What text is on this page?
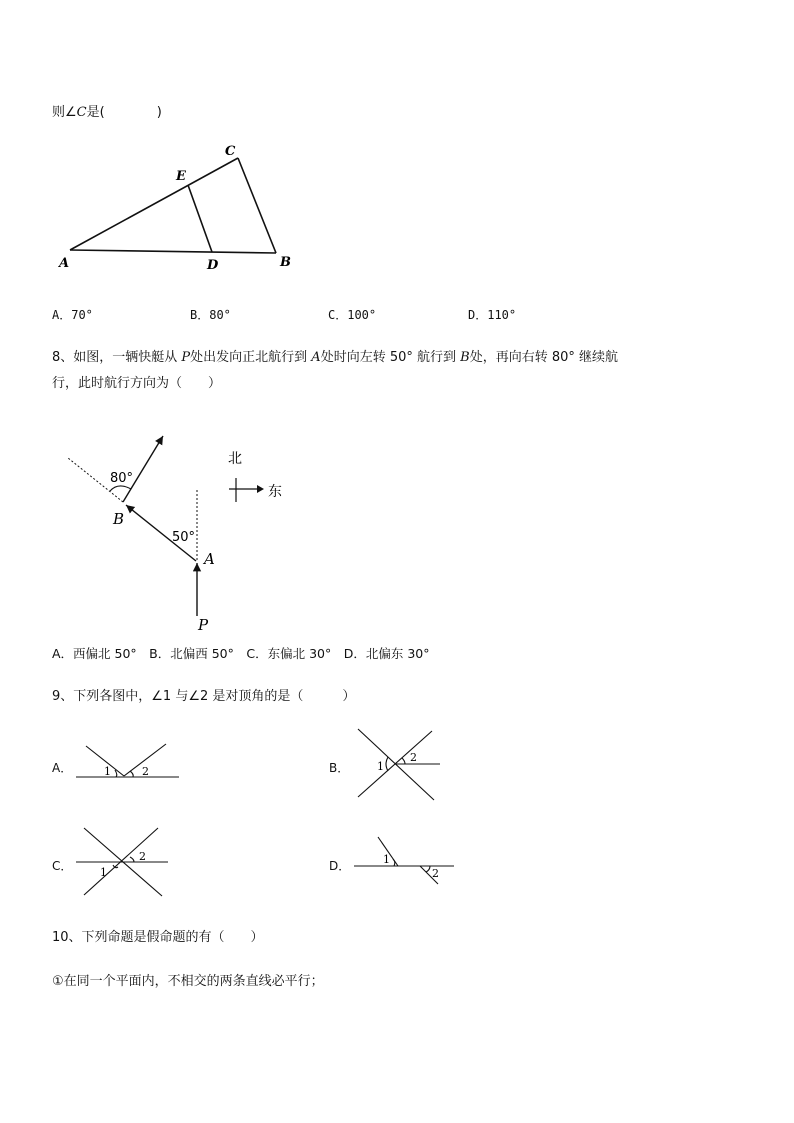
则∠C是(	)
C
E
A	D	B
A．70°	B．80°	C．100°	D．110°
8、如图，一辆快艇从 P处出发向正北航行到 A处时向左转 50° 航行到 B处，再向右转 80° 继续航
行，此时航行方向为（　　）
80°
50°
B
A
P
北
东
A．西偏北 50°　B．北偏西 50°　C．东偏北 30°　D．北偏东 30°
9、下列各图中，∠1 与∠2 是对顶角的是（　　　）
A．	1	2	B．	1
2
C．
2
1	D．	1
2
10、下列命题是假命题的有（　　）
①在同一个平面内，不相交的两条直线必平行；
